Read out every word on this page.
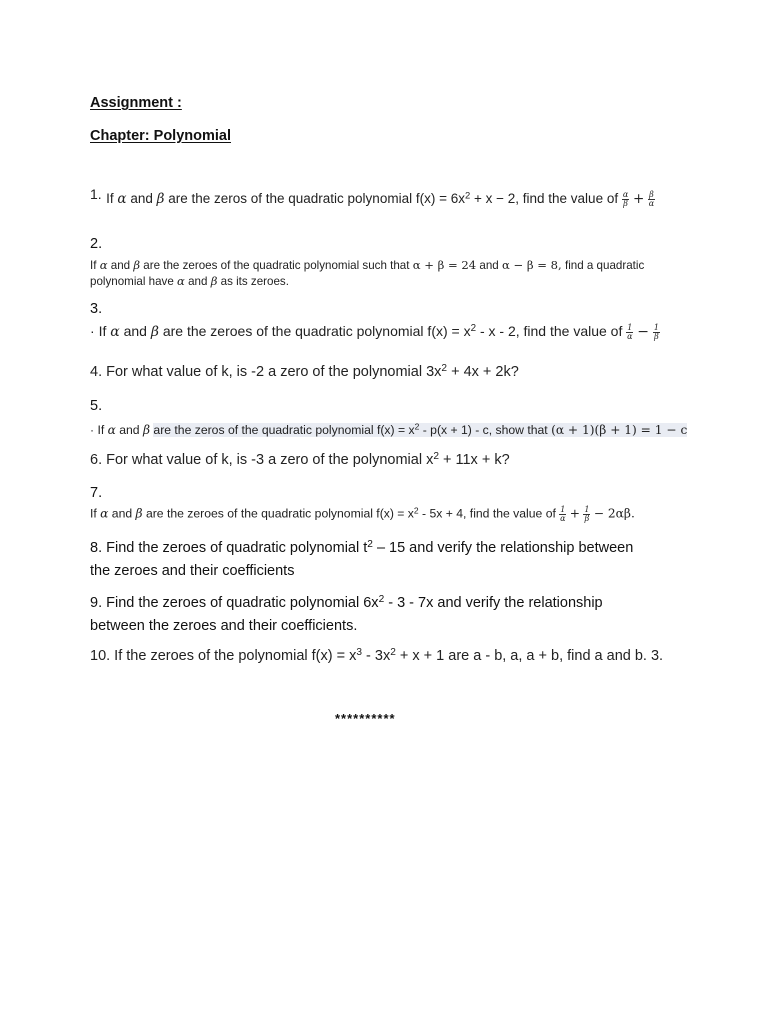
Assignment :
Chapter: Polynomial
1. If α and β are the zeros of the quadratic polynomial $f(x) = 6x^2 + x - 2$, find the value of $\frac{\alpha}{\beta} + \frac{\beta}{\alpha}$
2.
If α and β are the zeroes of the quadratic polynomial such that α + β = 24 and α − β = 8, find a quadratic
polynomial have α and β as its zeroes.
3.
· If α and β are the zeroes of the quadratic polynomial $f(x) = x^2 - x - 2$, find the value of $\frac{1}{\alpha} - \frac{1}{\beta}$
4. For what value of k, is -2 a zero of the polynomial $3x^2 + 4x + 2k$?
5.
· If α and β are the zeros of the quadratic polynomial $f(x) = x^2 - p(x + 1) - c$, show that (α + 1)(β + 1) = 1 − c
6. For what value of k, is -3 a zero of the polynomial $x^2 + 11x + k$?
7.
If α and β are the zeroes of the quadratic polynomial $f(x) = x^2 - 5x + 4$, find the value of $\frac{1}{\alpha} + \frac{1}{\beta} - 2\alpha\beta$.
8. Find the zeroes of quadratic polynomial $t^2 - 15$ and verify the relationship between
the zeroes and their coefficients
9. Find the zeroes of quadratic polynomial $6x^2 - 3 - 7x$ and verify the relationship
between the zeroes and their coefficients.
10. If the zeroes of the polynomial $f(x) = x^3 - 3x^2 + x + 1$ are a - b, a, a + b, find a and b. 3.
**********
